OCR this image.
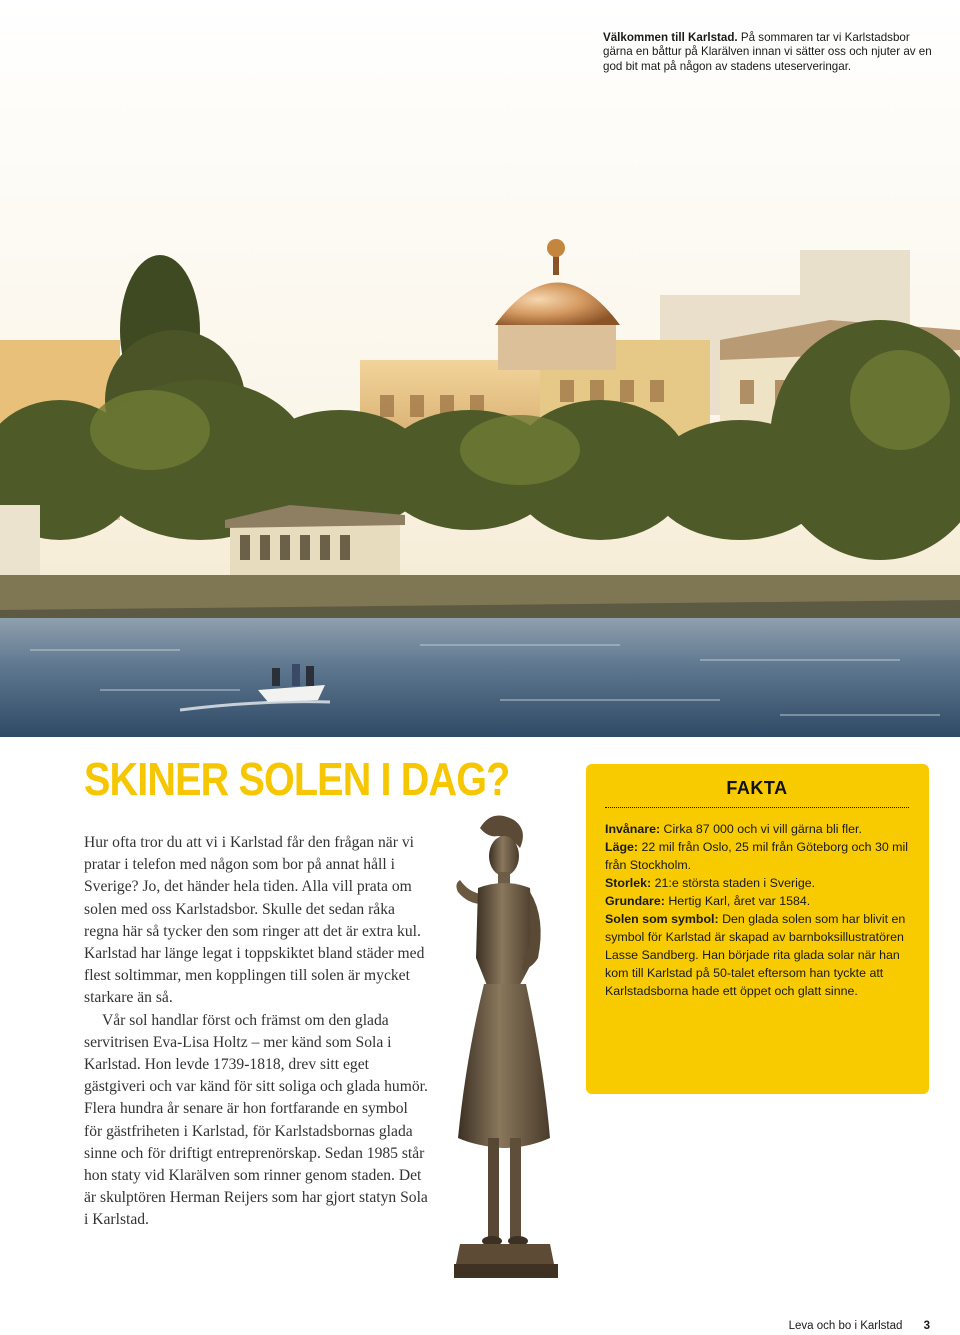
Välkommen till Karlstad. På sommaren tar vi Karlstadsbor gärna en båttur på Klarälven innan vi sätter oss och njuter av en god bit mat på någon av stadens uteserveringar.
SKINER SOLEN I DAG?

Hur ofta tror du att vi i Karlstad får den frågan när vi pratar i telefon med någon som bor på annat håll i Sverige? Jo, det händer hela tiden. Alla vill prata om solen med oss Karlstadsbor. Skulle det sedan råka regna här så tycker den som ringer att det är extra kul. Karlstad har länge legat i toppskiktet bland städer med flest soltimmar, men kopplingen till solen är mycket starkare än så.

Vår sol handlar först och främst om den glada servitrisen Eva-Lisa Holtz – mer känd som Sola i Karlstad. Hon levde 1739-1818, drev sitt eget gästgiveri och var känd för sitt soliga och glada humör. Flera hundra år senare är hon fortfarande en symbol för gästfriheten i Karlstad, för Karlstadsbornas glada sinne och för driftigt entreprenörskap. Sedan 1985 står hon staty vid Klarälven som rinner genom staden. Det är skulptören Herman Reijers som har gjort statyn Sola i Karlstad.

FAKTA

Invånare: Cirka 87 000 och vi vill gärna bli fler.

Läge: 22 mil från Oslo, 25 mil från Göteborg och 30 mil från Stockholm.

Storlek: 21:e största staden i Sverige.

Grundare: Hertig Karl, året var 1584.

Solen som symbol: Den glada solen som har blivit en symbol för Karlstad är skapad av barnboksillustratören Lasse Sandberg. Han började rita glada solar när han kom till Karlstad på 50-talet eftersom han tyckte att Karlstadsborna hade ett öppet och glatt sinne.

Leva och bo i Karlstad 3
